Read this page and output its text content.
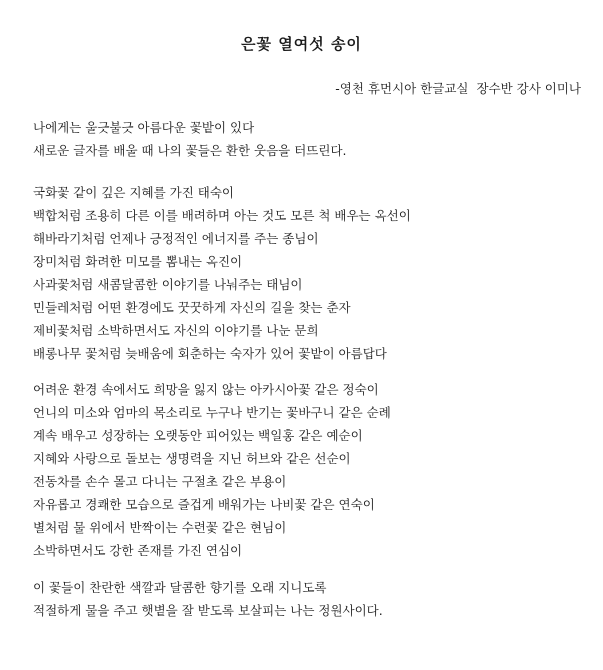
은꽃 열여섯 송이
-영천 휴먼시아 한글교실  장수반 강사 이미나
나에게는 울긋불긋 아름다운 꽃밭이 있다
새로운 글자를 배울 때 나의 꽃들은 환한 웃음을 터뜨린다.
국화꽃 같이 깊은 지혜를 가진 태숙이
백합처럼 조용히 다른 이를 배려하며 아는 것도 모른 척 배우는 옥선이
해바라기처럼 언제나 긍정적인 에너지를 주는 종님이
장미처럼 화려한 미모를 뽐내는 옥진이
사과꽃처럼 새콤달콤한 이야기를 나눠주는 태님이
민들레처럼 어떤 환경에도 꿋꿋하게 자신의 길을 찾는 춘자
제비꽃처럼 소박하면서도 자신의 이야기를 나눈 문희
배롱나무 꽃처럼 늦배움에 회춘하는 숙자가 있어 꽃밭이 아름답다
어려운 환경 속에서도 희망을 잃지 않는 아카시아꽃 같은 정숙이
언니의 미소와 엄마의 목소리로 누구나 반기는 꽃바구니 같은 순례
계속 배우고 성장하는 오랫동안 피어있는 백일홍 같은 예순이
지혜와 사랑으로 돌보는 생명력을 지닌 허브와 같은 선순이
전동차를 손수 몰고 다니는 구절초 같은 부용이
자유롭고 경쾌한 모습으로 즐겁게 배워가는 나비꽃 같은 연숙이
별처럼 물 위에서 반짝이는 수련꽃 같은 현님이
소박하면서도 강한 존재를 가진 연심이
이 꽃들이 찬란한 색깔과 달콤한 향기를 오래 지니도록
적절하게 물을 주고 햇볕을 잘 받도록 보살피는 나는 정원사이다.
